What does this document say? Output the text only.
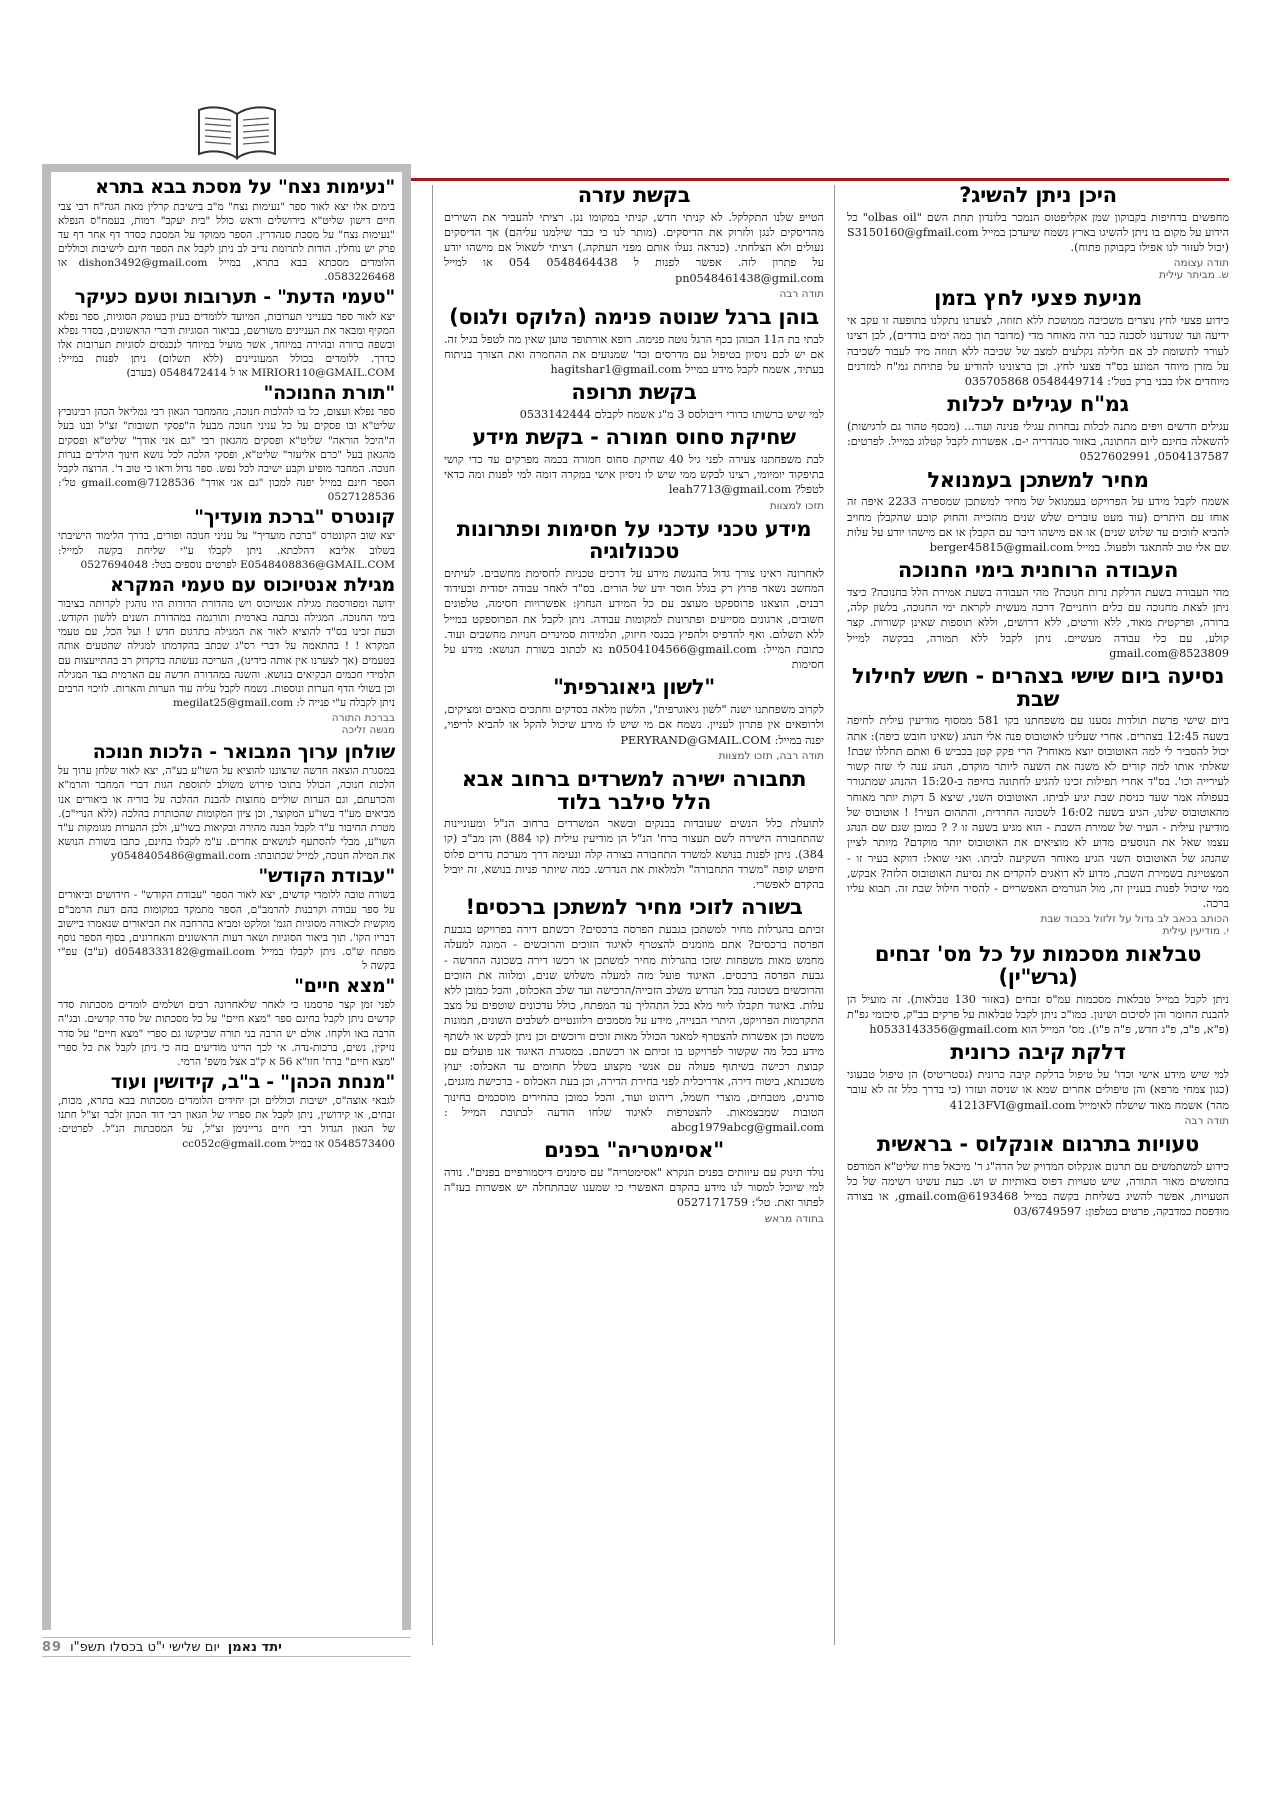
"נעימות נצח" על מסכת בבא בתרא

בימים אלו יצא לאור ספר "נעימות נצח" מ"ב בישיבת קרלין מאת הגה"ח רבי צבי חיים דישון שליט"א בירושלים וראש כולל "בית יעקב" רמות, בעמח"ס הנפלא "נעימות נצח" על מסכת סנהדרין. הספר ממוקד על המסכת כסדר דף אחר דף עד פרק יש נוחלין. הודות לתרומת נדיב לב ניתן לקבל את הספר חינם לישיבות וכוללים הלומדים מסכתא בבא בתרא, במייל dishon3492@gmail.com או 0583226468.

"טעמי הדעת" - תערובות וטעם כעיקר

יצא לאור ספר בענייני תערובות, המיועד ללומדים בעיון בעומק הסוגיות, ספר נפלא המקיף ומבאר את העניינים משורשם, בביאור הסוגיות ודברי הראשונים, בסדר נפלא ובשפה ברורה ובהירה במיוחד, אשר מועיל במיוחד לנכנסים לסוגיות תערובות אלו כדרך. ללומדים בכולל המעוניינים (ללא תשלום) ניתן לפנות במייל: MIRIOR110@GMAIL.COM או ל 0548472414 (בערב)

"תורת החנוכה"

ספר נפלא ועצום, כל בו להלכות חנוכה, מהמחבר הגאון רבי גמליאל הכהן רבינוביץ שליט"א ובו פסקים על כל עניני חנוכה מבעל ה"פסקי תשובות" זצ"ל ובנו בעל ה"היכל הוראה" שליט"א ופסקים מהגאון רבי "גם אני אודך" שליט"א ופסקים מהגאון בעל "כרם אליעזר" שליט"א, ופסקי הלכה לכל נושא חינוך הילדים בנרות חנוכה. המחבר מופיע וקבע ישיבה לכל נפש. ספר גדול וראו כי טוב ד'. הרוצה לקבל הספר חינם במייל יפנה למכון "גם אני אודך" gmail.com@7128536 טל': 0527128536

קונטרס "ברכת מועדיך"

יצא שוב הקונטרס "ברכת מועדיך" על עניני חנוכה ופורים, בדרך הלימוד הישיבתי בשלוב אליבא דהלכתא. ניתן לקבלו ע"י שליחת בקשה למייל: E0548408836@GMAIL.COM לפרטים נוספים בטל: 0527694048

מגילת אנטיוכוס עם טעמי המקרא

ידועה ומפורסמת מגילת אנטיוכוס ויש מהדורת הדורות היו נוהגין לקרותה בציבור בימי החנוכה. המגילה נכתבה בארמית ותורגמה במהדורת השנים ללשון הקודש. וכעת זכינו בס"ד להוציא לאור את המגילה בתרגום חדש ! ועל הכל, עם טעמי המקרא ! ! בהתאמה על דברי רס"ג שכתב בהקדמתו למגילה שהטעים אותה בטעמים (אך לצערנו אין אותה בידינו), העריכה נעשתה בדקדוק רב בהתייעצות עם תלמידי חכמים הבקיאים בנושא. והשנה במהדורה חדשה עם הארמית בצד המגילה וכן בשולי הדף הערות ונוספות. נשמח לקבל עליה עוד הערות והארות. לזיכוי הרבים ניתן לקבלה ע"י פנייה ל: megilat25@gmail.com

בברכת התורה
מנשה זליכה
שולחן ערוך המבואר - הלכות חנוכה

במסגרת הוצאה חדשה שרצוננו להוציא על השו"ע בע"ה, יצא לאור שלחן ערוך על הלכות חנוכה, הכולל בתוכו פירוש משולב לתוספת הגות דברי המחבר והרמ"א והכרעתם, וגם הערות שוליים מחוצות להבנת ההלכה על בוריה או ביאורים אנו מביאים מע"ד בשו"ע המקוצר, וכן ציון המקומות שהכותרת בהלכה (ללא הנרי"כ). מטרת החיבור ע"ד לקבל הבנה מהירה ובקיאות בשו"ע, ולכן ההערות מגומקות ע"ד השו"ע, מבלי להסתעף לנושאים אחרים. ע"מ לקבלו בחינם, כתבו בשורת הנושא את המילה חנוכה, למייל שכתובתו: y0548405486@gmail.com

"עבודת הקודש"

בשורה טובה ללומדי קדשים, יצא לאור הספר "עבודת הקודש" - חידושים וביאורים על ספר עבודה וקרבנות להרמב"ם, הספר מתמקד במקומות בהם דעת הרמב"ם מוקשית לכאורה מסוגיות הגמ' ומלקט ומביא בהרחבה את הביאורים שנאמרו ביישוב דבריו הקו'. תוך ביאור הסוגיות ושאר דעות הראשונים והאחרונים, בסוף הספר נוסף מפתח ש"ס. ניתן לקבלו במייל d0548333182@gmail.com (ע"ב) עפ"י בקשה ל

"מצא חיים"

לפני זמן קצר פרסמנו כי לאחר שלאחרונה רבים ושלמים לומדים מסכתות סדר קדשים ניתן לקבל בחינם ספר "מצא חיים" על כל מסכתות של סדר קדשים. ובג"ה הרבה באו ולקחו. אולם יש הרבה בני תורה שביקשו גם ספרי "מצא חיים" על סדר נזיקין, נשים, ברכות-נדה. אי לכך הרינו מודיעים בזה כי ניתן לקבל את כל ספרי "מצא חיים" ברח' חזו"א 56 א ק"ב אצל משפ' הרמי.

"מנחת הכהן" - ב"ב, קידושין ועוד

לגבאי אוצה"ס, ישיבות וכוללים וכן יחידים הלומדים מסכתות בבא בתרא, מכות, זבחים, או קידושין, ניתן לקבל את ספריו של הגאון רבי דוד הכהן זלבר זצ"ל חתנו של הגאון הגדול רבי חיים גריינימן זצ"ל, על המסכתות הנ"ל. לפרטים: 0548573400 או במייל cc052c@gmail.com

בקשת עזרה

הטייפ שלנו התקלקל. לא קניתי חדש, קניתי במקומו נגן. רציתי להעביר את השירים מהדיסקים לנגן ולזרוק את הדיסקים. (מותר לנו כי כבר שילמנו עליהם) אך הדיסקים נעולים ולא הצלחתי. (כנראה נעלו אותם מפני העתקה.) רציתי לשאול אם מישהו יודע על פתרון לזה. אפשר לפנות ל 0548464438 054 או למייל pn0548461438@gmil.com

תודה רבה
בוהן ברגל שנוטה פנימה (הלוקס ולגוס)

לבתי בת ה11 הבוהן בכף הרגל נוטה פנימה. רופא אורתופד טוען שאין מה לטפל בגיל זה. אם יש לכם ניסיון בטיפול עם מדרסים וכד' שמנועים את ההחמרה ואת הצורך בניתוח בעתיד, אשמח לקבל מידע במייל hagitshar1@gmail.com

בקשת תרופה

למי שיש ברשותו כדורי ריבולסס 3 מ"ג אשמח לקבלם 0533142444

שחיקת סחוס חמורה - בקשת מידע

לבת משפחתנו צעירה לפני גיל 40 שחיקת סחוס חמורה בכמה מפרקים עד כדי קושי בתיפקוד יומיומי, רצינו לבקש ממי שיש לו ניסיון אישי במקרה דומה למי לפנות ומה כדאי לטפל? leah7713@gmail.com

תזכו למצוות
מידע טכני עדכני על חסימות ופתרונות טכנולוגיה

לאחרונה ראינו צורך גדול בהנגשת מידע על דרכים טכניות לחסימת מחשבים. לעיתים המחשב נשאר פרוץ רק בגלל חוסר ידע של הורים. בס"ד לאחר עבודה יסודית ובעידוד רבנים, הוצאנו פרוספקט מעוצב עם כל המידע הנחוץ: אפשרויות חסימה, טלפונים חשובים, ארגונים מסייעים ופתרונות למקומות עבודה. ניתן לקבל את הפרוספקט במייל ללא תשלום. ואף להדפיס ולהפיץ בכנסי חיזוק, תלמידות סמינרים חנויות מחשבים ועוד. כתובת המייל: n0504104566@gmail.com נא לכתוב בשורת הנושא: מידע על חסימות

"לשון גיאוגרפית"

לקרוב משפחתנו ישנה "לשון גיאוגרפית", הלשון מלאה בסדקים וחתכים כואבים ומציקים, ולרופאים אין פתרון לעניין. נשמח אם מי שיש לו מידע שיכול להקל או להביא לריפוי, יפנה במייל: PERYRAND@GMAIL.COM

תודה רבה, תזכו למצוות
תחבורה ישירה למשרדים ברחוב אבא הלל סילבר בלוד

לתועלת כלל הנשים שעובדות בבנקים ובשאר המשרדים ברחוב הנ"ל ומעוניינות שהתחבורה הישירה לשם תעצור ברח' הנ"ל הן מודיעין עילית (קו 884) והן מב"ב (קו 384). ניתן לפנות בנושא למשרד התחבורה בצורה קלה ונעימה דרך מערכת נדרים פלוס חיפוש קופה "משרד התחבורה" ולמלאות את הנדרש. כמה שיותר פניות בנושא, זה יוביל בהקדם לאפשרי.

בשורה לזוכי מחיר למשתכן ברכסים!

זכיתם בהגרלות מחיר למשתכן בגבעת הפרסה ברכסים? רכשתם דירה בפרויקט בגבעת הפרסה ברכסים? אתם מוזמנים להצטרף לאיגוד הזוכים והרוכשים - המונה למעלה מחמש מאות משפחות שזכו בהגרלות מחיר למשתכן או רכשו דירה בשכונה החדשה - גבעת הפרסה ברכסים. האיגוד פועל מזה למעלה משלוש שנים, ומלווה את הזוכים והרוכשים בשכונה בכל הנדרש משלב הזכייה/הרכישה ועד שלב האכלוס, והכל כמובן ללא עלות. באיגוד תקבלו ליווי מלא בכל התהליך עד המפתח, כולל עדכונים שוטפים על מצב התקדמות הפרויקט, היתרי הבנייה, מידע על מסמכים רלוונטיים לשלבים השונים, תמונות משטח וכן אפשרות להצטרף למאגר הכולל מאות זוכים ורוכשים וכן ניתן לבקש או לשתף מידע בכל מה שקשור לפרויקט בו זכיתם או רכשתם. במסגרת האיגוד אנו פועלים עם קבוצת רכישה בשיתוף פעולה עם אנשי מקצוע בשלל תחומים עד האכלוס: יעוץ משכנתא, ביטוח דירה, אדריכלית לפני בחירת הדירה, וכן בעת האכלוס - ברכישת מזגנים, סורגים, מטבחים, מוצרי חשמל, ריהוט ועוד, והכל כמובן בהחירים מוסכמים בחינוך הטובות שמבצמאות. להצטרפות לאיגוד שלחו הודעה לכתובת המייל : abcg1979abcg@gmail.com

"אסימטריה" בפנים

נולד תינוק עם עיוותים בפנים הנקרא "אסימטריה" עם סימנים דיסמורפיים בפנים". נודה למי שיוכל למסור לנו מידע בהקדם האפשרי כי שמענו שבהתחלה יש אפשרות בעז"ה לפתור זאת. טל': 0527171759

בתודה מראש
היכן ניתן להשיג?

מחפשים בדחיפות בקבוקון שמן אקליפטוס הנמכר בלונדון תחת השם "olbas oil" כל הידוע על מקום בו ניתן להשיגו בארץ נשמח שיעדכן במייל S3150160@gfmail.com (יכול לעזור לנו אפילו בקבוקון פתוח).

תודה עצומה
ש. מביתר עילית
מניעת פצעי לחץ בזמן

כידוע פצעי לחץ נוצרים משכיבה ממושכת ללא תזוזה, לצערנו נתקלנו בתופעה זו עקב אי ידיעה ועד שנודענו לסכנה כבר היה מאוחר מדי (מדובר תוך כמה ימים בודדים), לכן רצינו לעורר לתשומת לב אם חלילה נקלעים למצב של שכיבה ללא תזוזה מיד לעבור לשכיבה על מזרן מיוחד המונע בס"ד פצעי לחץ. וכן ברצונינו להודיע על פתיחת גמ"ח למזרנים מיוחדים אלו בבני ברק בטל': 0548449714 035705868

גמ"ח עגילים לכלות

עגילים חדשים ויפים מתנה לכלות נבחרות עגילי פנינה ועוד... (מכסף טהור גם לרגישות) להשאלה בחינם ליום החתונה, באזור סנהדריה י-ם. אפשרות לקבל קטלוג במייל. לפרטים: 0504137587, 0527602991

מחיר למשתכן בעמנואל

אשמח לקבל מידע על הפרויקט בעמנואל של מחיר למשתכן שמספרה 2233 איפה זה אוחז עם היתרים (עוד מעט עוברים שלש שנים מהזכייה והחוק קובע שהקבלן מחויב להביא לזוכים עד שלוש שנים) או אם מישהו דיבר עם הקבלן או אם מישהו יודע על עלות שם אלי טוב להתאגד ולפעול. במייל berger45815@gmail.com

העבודה הרוחנית בימי החנוכה

מהי העבודה בשעת הדלקת נרות חנוכה? מהי העבודה בשעת אמירת הלל בחנוכה? כיצד ניתן לצאת מחנוכה עם כלים רוחניים? דרכה מעשית לקראת ימי החנוכה, בלשון קלה, ברורה, ופרקטית מאוד, ללא וורטים, ללא דרושים, וללא תוספות שאינן קשורות. קצר קולע, עם כלי עבודה מעשיים. ניתן לקבל ללא תמורה, בבקשה למייל 8523809@gmail.com

נסיעה ביום שישי בצהרים - חשש לחילול שבת

ביום שישי פרשת תולדות נסענו עם משפחתנו בקו 581 ממסוף מודיעין עילית לחיפה בשעה 12:45 בצהרים. אחרי שעלינו לאוטובוס פנה אלי הנהג (שאינו חובש כיפה): אתה יכול להסביר לי למה האוטובוס יוצא מאוחר? הרי פקק קטן בכביש 6 ואתם תחללו שבת! שאלתי אותו למה קורים לא משנה את השעה ליותר מוקדם, הנהג ענה לי שזה קשור לעירייה וכו'. בס"ד אחרי תפילות זכינו להגיע לחתונה בחיפה ב-15:20 ההנהג שמתגורר בעפולה אמר שעד כניסת שבת יגיע לביתו. האוטובוס השני, שיצא 5 דקות יותר מאוחר מהאוטובוס שלנו, הגיע בשעה 16:02 לשכונה החרדית, והתהום העיר! ! אוטובוס של מודיעין עילית - העיר של שמירת השבת - הוא מגיע בשעה זו ? ? כמובן שגם שם הנהג עצמו שאל את הנוסעים מדוע לא מוציאים את האוטובוס יותר מוקדם? מיותר לציין שהנהג של האוטובוס השני הגיע מאוחר השקיעה לביתו. ואני שואל: דווקא בעיר זו - המצטיינת בשמירת השבת, מדוע לא דואגים להקדים את נסיעת האוטובוס הלזה? אבקש, ממי שיכול לפנות בעניין זה, מול הגורמים האפשריים - להסיר חילול שבת זה. תבוא עליו ברכה.

הכותב בכאב לב גדול על זלזול בכבוד שבת
י. מודיעין עילית
טבלאות מסכמות על כל מס' זבחים (גרש"ין)

ניתן לקבל במייל טבלאות מסכמות עמ"ס זבחים (באזור 130 טבלאות). זה מועיל הן להבנת החומר והן לסיכום ושינון. כמו"כ ניתן לקבל טבלאות על פרקים בב"ק, סיכומי גפ"ת (פ"א, פ"ב, פ"ג חדש, פ"ה פ"ו). מס' המייל הוא h0533143356@gmail.com

דלקת קיבה כרונית

למי שיש מידע אישי וכדו' על טיפול בדלקת קיבה כרונית (גסטריטיס) הן טיפול טבעוני (כגון צמחי מרפא) והן טיפולים אחרים שמא או שניסה ועזרו (כי בדרך כלל זה לא עובר מהר) אשמח מאוד שישלח לאימייל 41213FVI@gmail.com

תודה רבה
טעויות בתרגום אונקלוס - בראשית

כידוע למשתמשים עם תרגום אונקלוס המדויק של הרה"ג ר' מיכאל פרוז שליט"א המודפס בחומשים מאור התורה, שיש טעויות דפוס באותיות ש וש. כעת עשינו רשימה של כל הטעויות, אפשר להשיג בשליחת בקשה במייל 6193468@gmail.com, או בצורה מודפסת כמדבקה, פרטים בטלפון: 03/6749597

יתד נאמן
יום שלישי י"ט בכסלו תשפ"ו
89
